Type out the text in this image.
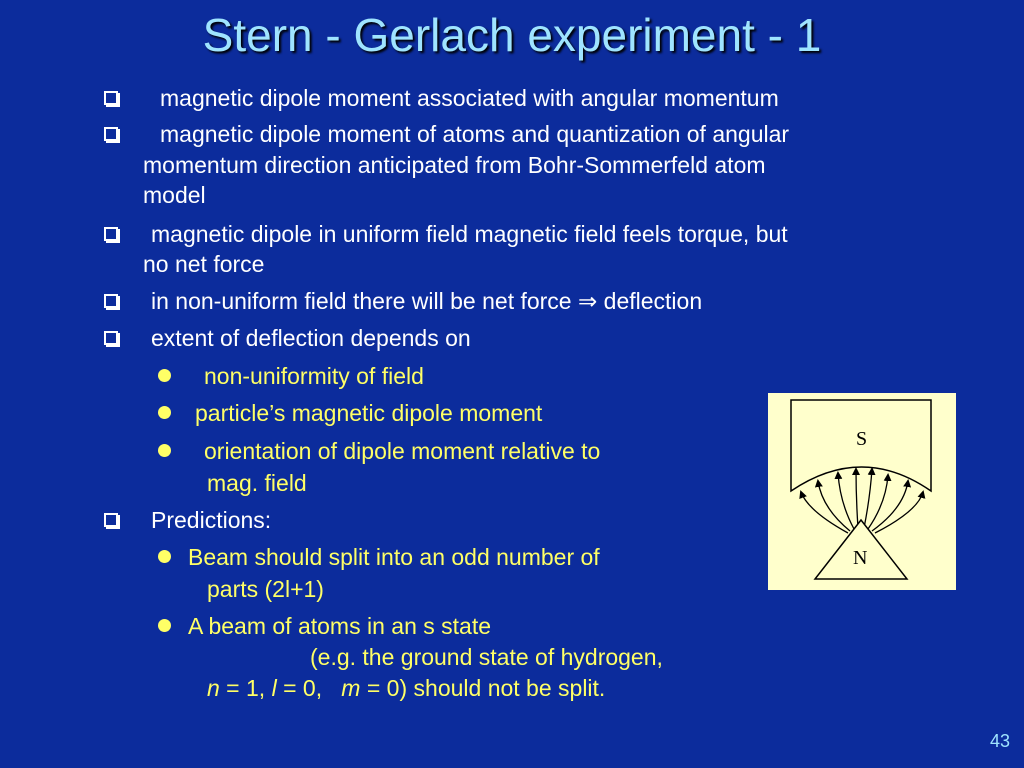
Stern - Gerlach experiment - 1
magnetic dipole moment associated with angular momentum
magnetic dipole moment of atoms and quantization of angular
momentum direction anticipated from Bohr-Sommerfeld atom
model
magnetic dipole in uniform field magnetic field feels torque, but
no net force
in non-uniform field there will be net force ⇒ deflection
extent of deflection depends on
non-uniformity of field
particle’s magnetic dipole moment
orientation of dipole moment relative to
mag. field
Predictions:
Beam should split into an odd number of
parts (2l+1)
A beam of atoms in an s state
(e.g. the ground state of hydrogen,
n = 1, l = 0,   m = 0) should not be split.
S
N
43
